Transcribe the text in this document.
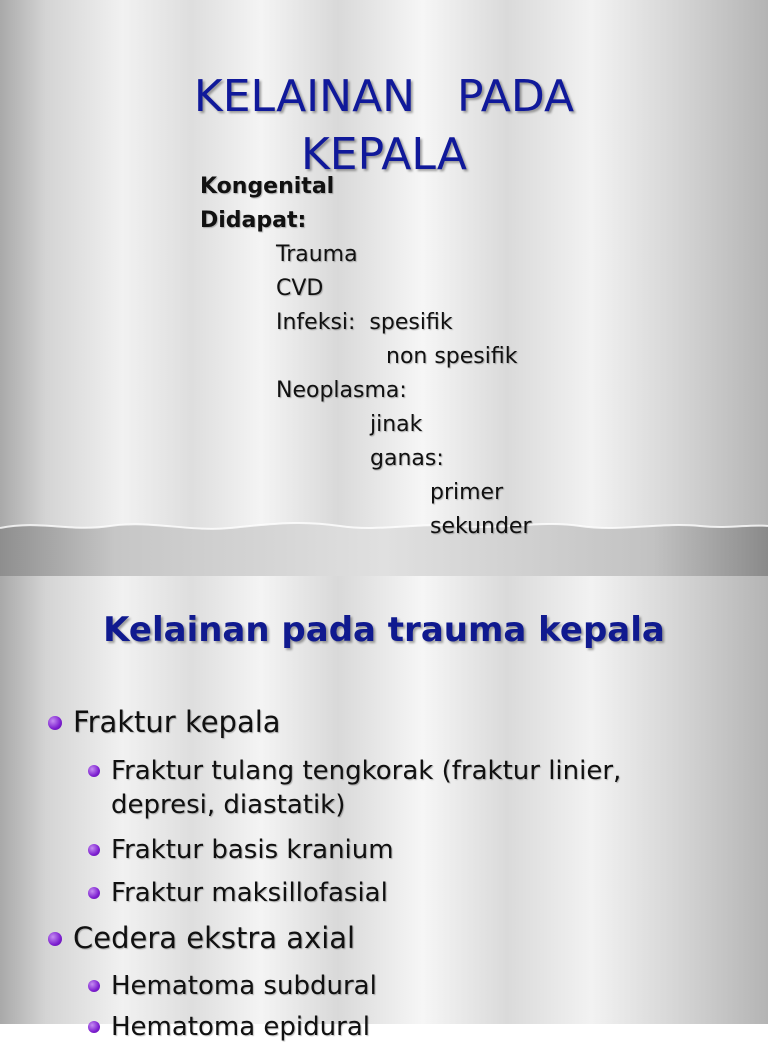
KELAINAN   PADA
KEPALA
Kongenital
Didapat:
Trauma
CVD
Infeksi:  spesifik
non spesifik
Neoplasma:
jinak
ganas:
primer
sekunder
Kelainan pada trauma kepala
Fraktur kepala
Fraktur tulang tengkorak (fraktur linier, depresi, diastatik)
Fraktur basis kranium
Fraktur maksillofasial
Cedera ekstra axial
Hematoma subdural
Hematoma epidural
